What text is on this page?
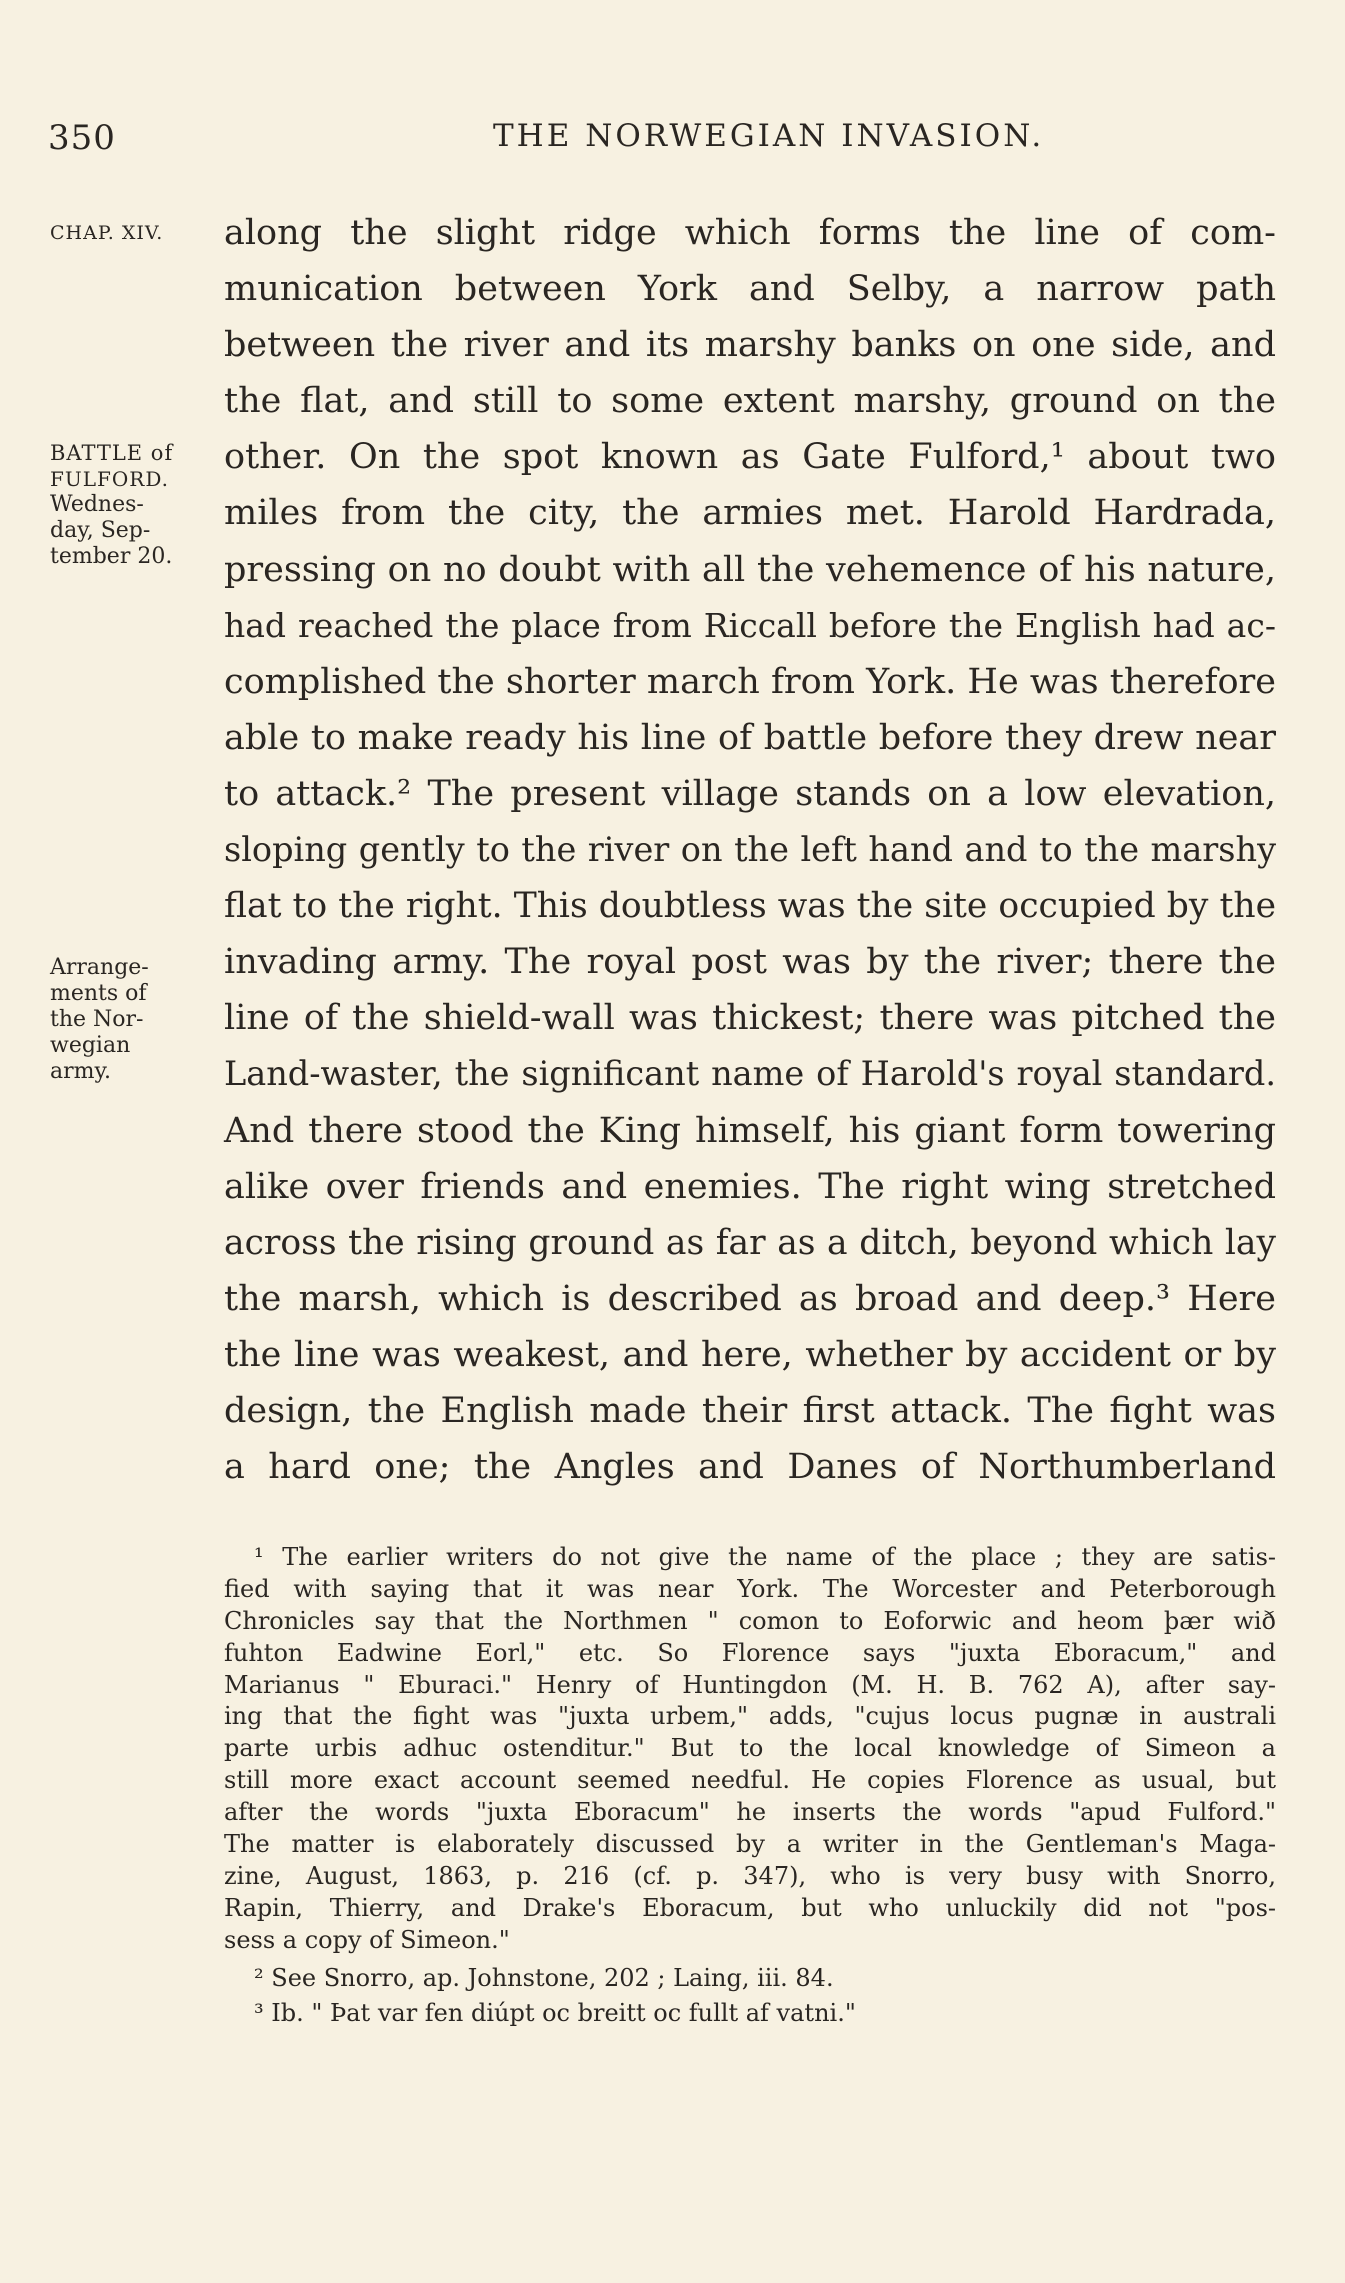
350	THE NORWEGIAN INVASION.
CHAP. XIV.
BATTLE of
FULFORD.
Wednes-
day, Sep-
tember 20.
Arrange-
ments of
the Nor-
wegian
army.
along the slight ridge which forms the line of com-
munication between York and Selby, a narrow path
between the river and its marshy banks on one side, and
the flat, and still to some extent marshy, ground on the
other. On the spot known as Gate Fulford,¹ about two
miles from the city, the armies met. Harold Hardrada,
pressing on no doubt with all the vehemence of his nature,
had reached the place from Riccall before the English had ac-
complished the shorter march from York. He was therefore
able to make ready his line of battle before they drew near
to attack.² The present village stands on a low elevation,
sloping gently to the river on the left hand and to the marshy
flat to the right. This doubtless was the site occupied by the
invading army. The royal post was by the river; there the
line of the shield-wall was thickest; there was pitched the
Land-waster, the significant name of Harold's royal standard.
And there stood the King himself, his giant form towering
alike over friends and enemies. The right wing stretched
across the rising ground as far as a ditch, beyond which lay
the marsh, which is described as broad and deep.³ Here
the line was weakest, and here, whether by accident or by
design, the English made their first attack. The fight was
a hard one; the Angles and Danes of Northumberland
¹ The earlier writers do not give the name of the place ; they are satis-
fied with saying that it was near York. The Worcester and Peterborough
Chronicles say that the Northmen " comon to Eoforwic and heom þær wið
fuhton Eadwine Eorl," etc. So Florence says "juxta Eboracum," and
Marianus " Eburaci." Henry of Huntingdon (M. H. B. 762 A), after say-
ing that the fight was "juxta urbem," adds, "cujus locus pugnæ in australi
parte urbis adhuc ostenditur." But to the local knowledge of Simeon a
still more exact account seemed needful. He copies Florence as usual, but
after the words "juxta Eboracum" he inserts the words "apud Fulford."
The matter is elaborately discussed by a writer in the Gentleman's Maga-
zine, August, 1863, p. 216 (cf. p. 347), who is very busy with Snorro,
Rapin, Thierry, and Drake's Eboracum, but who unluckily did not "pos-
sess a copy of Simeon."
² See Snorro, ap. Johnstone, 202 ; Laing, iii. 84.
³ Ib. " Þat var fen diúpt oc breitt oc fullt af vatni."
